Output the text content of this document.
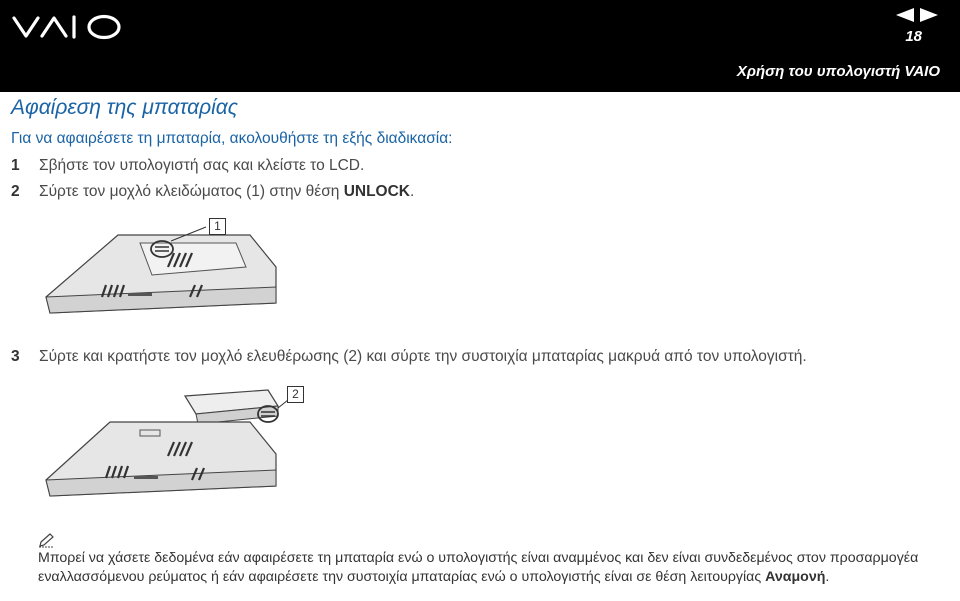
18
Χρήση του υπολογιστή VAIO
Αφαίρεση της μπαταρίας
Για να αφαιρέσετε τη μπαταρία, ακολουθήστε τη εξής διαδικασία:
1 Σβήστε τον υπολογιστή σας και κλείστε το LCD.
2 Σύρτε τον μοχλό κλειδώματος (1) στην θέση UNLOCK.
1
3 Σύρτε και κρατήστε τον μοχλό ελευθέρωσης (2) και σύρτε την συστοιχία μπαταρίας μακρυά από τον υπολογιστή.
2
Μπορεί να χάσετε δεδομένα εάν αφαιρέσετε τη μπαταρία ενώ ο υπολογιστής είναι αναμμένος και δεν είναι συνδεδεμένος στον προσαρμογέα εναλλασσόμενου ρεύματος ή εάν αφαιρέσετε την συστοιχία μπαταρίας ενώ ο υπολογιστής είναι σε θέση λειτουργίας Αναμονή.
